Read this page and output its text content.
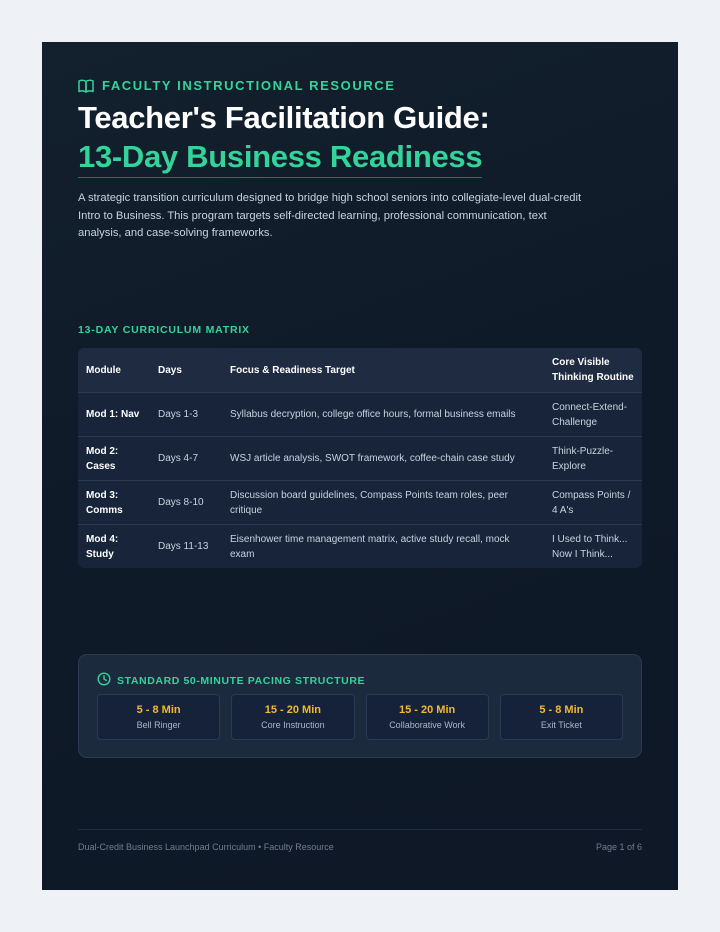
FACULTY INSTRUCTIONAL RESOURCE
Teacher's Facilitation Guide:
13-Day Business Readiness

A strategic transition curriculum designed to bridge high school seniors into collegiate-level dual-credit Intro to Business. This program targets self-directed learning, professional communication, text analysis, and case-solving frameworks.

13-DAY CURRICULUM MATRIX
Module	Days	Focus & Readiness Target	Core Visible Thinking Routine
Mod 1: Nav	Days 1-3	Syllabus decryption, college office hours, formal business emails	Connect-Extend-Challenge
Mod 2: Cases	Days 4-7	WSJ article analysis, SWOT framework, coffee-chain case study	Think-Puzzle-Explore
Mod 3: Comms	Days 8-10	Discussion board guidelines, Compass Points team roles, peer critique	Compass Points / 4 A's
Mod 4: Study	Days 11-13	Eisenhower time management matrix, active study recall, mock exam	I Used to Think... Now I Think...
STANDARD 50-MINUTE PACING STRUCTURE
5 - 8 Min
Bell Ringer
15 - 20 Min
Core Instruction
15 - 20 Min
Collaborative Work
5 - 8 Min
Exit Ticket
Dual-Credit Business Launchpad Curriculum • Faculty Resource	Page 1 of 6
